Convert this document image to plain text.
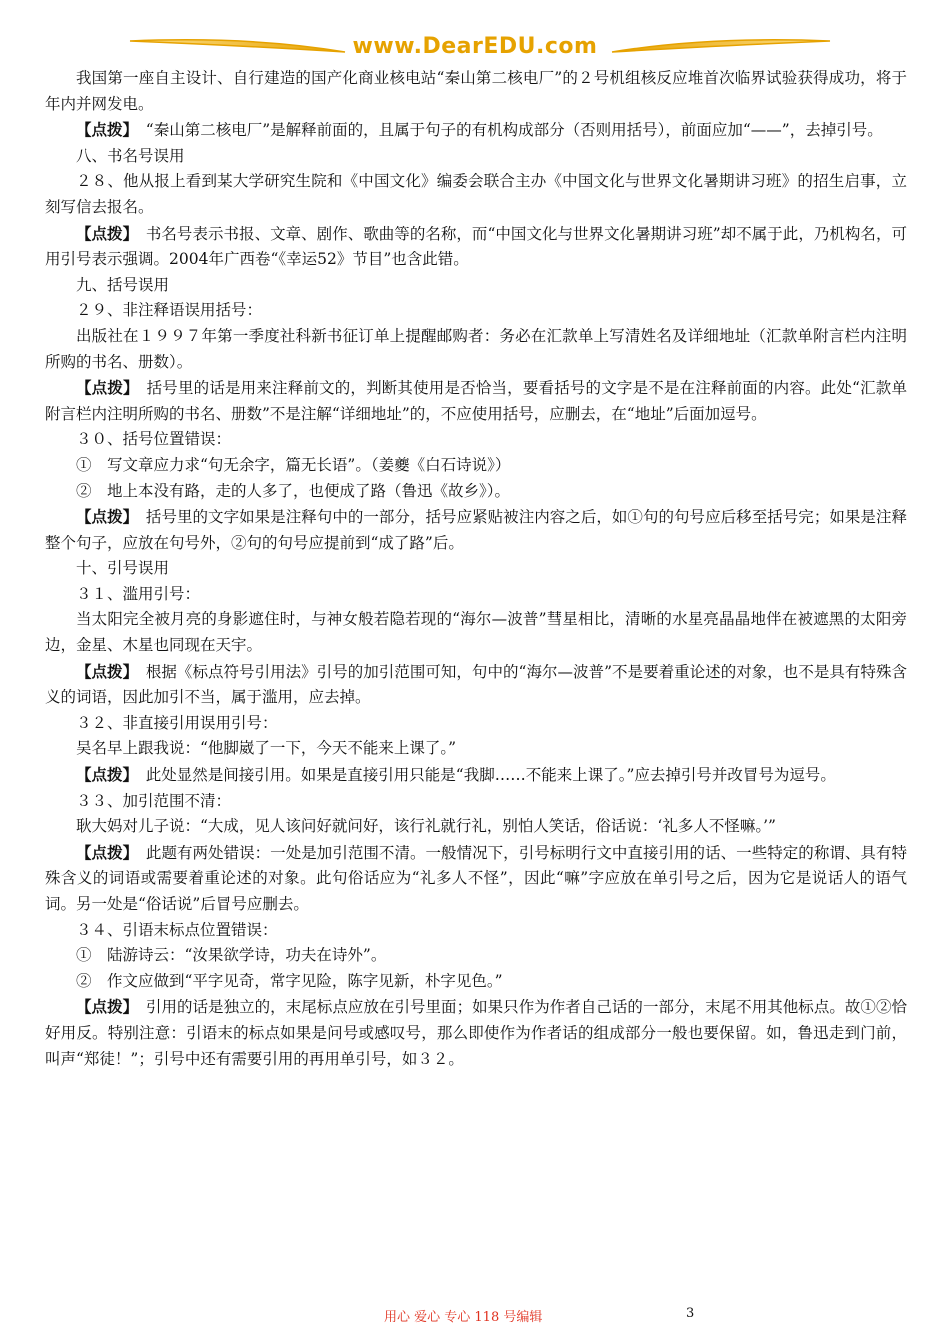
www.DearEDU.com

我国第一座自主设计、自行建造的国产化商业核电站“秦山第二核电厂”的２号机组核反应堆首次临界试验获得成功，将于年内并网发电。

【点拨】　“秦山第二核电厂”是解释前面的，且属于句子的有机构成部分（否则用括号），前面应加“——”，去掉引号。

八、书名号误用

２８、他从报上看到某大学研究生院和《中国文化》编委会联合主办《中国文化与世界文化暑期讲习班》的招生启事，立刻写信去报名。

【点拨】　书名号表示书报、文章、剧作、歌曲等的名称，而“中国文化与世界文化暑期讲习班”却不属于此，乃机构名，可用引号表示强调。2004年广西卷“《幸运52》节目”也含此错。

九、括号误用

２９、非注释语误用括号：

出版社在１９９７年第一季度社科新书征订单上提醒邮购者：务必在汇款单上写清姓名及详细地址（汇款单附言栏内注明所购的书名、册数）。

【点拨】　括号里的话是用来注释前文的，判断其使用是否恰当，要看括号的文字是不是在注释前面的内容。此处“汇款单附言栏内注明所购的书名、册数”不是注解“详细地址”的，不应使用括号，应删去，在“地址”后面加逗号。

３０、括号位置错误：

①　写文章应力求“句无余字，篇无长语”。（姜夔《白石诗说》）

②　地上本没有路，走的人多了，也便成了路（鲁迅《故乡》）。

【点拨】　括号里的文字如果是注释句中的一部分，括号应紧贴被注内容之后，如①句的句号应后移至括号完；如果是注释整个句子，应放在句号外，②句的句号应提前到“成了路”后。

十、引号误用

３１、滥用引号：

当太阳完全被月亮的身影遮住时，与神女般若隐若现的“海尔—波普”彗星相比，清晰的水星亮晶晶地伴在被遮黑的太阳旁边，金星、木星也同现在天宇。

【点拨】　根据《标点符号引用法》引号的加引范围可知，句中的“海尔—波普”不是要着重论述的对象，也不是具有特殊含义的词语，因此加引不当，属于滥用，应去掉。

３２、非直接引用误用引号：

吴名早上跟我说：“他脚崴了一下，今天不能来上课了。”

【点拨】　此处显然是间接引用。如果是直接引用只能是“我脚……不能来上课了。”应去掉引号并改冒号为逗号。

３３、加引范围不清：

耿大妈对儿子说：“大成，见人该问好就问好，该行礼就行礼，别怕人笑话，俗话说：‘礼多人不怪嘛。’”

【点拨】　此题有两处错误：一处是加引范围不清。一般情况下，引号标明行文中直接引用的话、一些特定的称谓、具有特殊含义的词语或需要着重论述的对象。此句俗话应为“礼多人不怪”，因此“嘛”字应放在单引号之后，因为它是说话人的语气词。另一处是“俗话说”后冒号应删去。

３４、引语末标点位置错误：

①　陆游诗云：“汝果欲学诗，功夫在诗外”。

②　作文应做到“平字见奇，常字见险，陈字见新，朴字见色。”

【点拨】　引用的话是独立的，末尾标点应放在引号里面；如果只作为作者自己话的一部分，末尾不用其他标点。故①②恰好用反。特别注意：引语末的标点如果是问号或感叹号，那么即使作为作者话的组成部分一般也要保留。如，鲁迅走到门前，叫声“郑徒！”；引号中还有需要引用的再用单引号，如３２。

用心 爱心 专心 118 号编辑	3
